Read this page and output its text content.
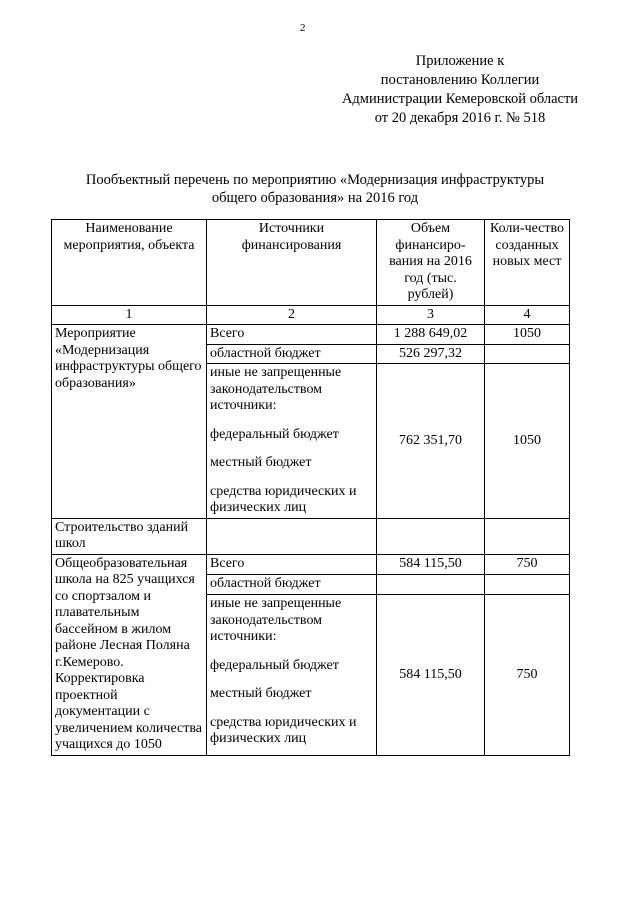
2
Приложение к
постановлению Коллегии
Администрации Кемеровской области
от 20 декабря 2016 г. № 518
Пообъектный перечень по мероприятию «Модернизация инфраструктуры
общего образования» на 2016 год
Наименование мероприятия, объекта	Источники финансирования	Объем финансиро-вания на 2016 год (тыс. рублей)	Коли-чество созданных новых мест
1	2	3	4
Мероприятие «Модернизация инфраструктуры общего образования»	Всего	1 288 649,02	1050
	областной бюджет	526 297,32	

	иные не запрещенные законодательством источники:
федеральный бюджет
местный бюджет
средства юридических и физических лиц	762 351,70	1050
Строительство зданий школ			
Общеобразовательная школа на 825 учащихся со спортзалом и плавательным бассейном в жилом районе Лесная Поляна г.Кемерово. Корректировка проектной документации с увеличением количества учащихся до 1050	Всего	584 115,50	750
	областной бюджет		

	иные не запрещенные законодательством источники:
федеральный бюджет
местный бюджет
средства юридических и физических лиц	584 115,50	750
